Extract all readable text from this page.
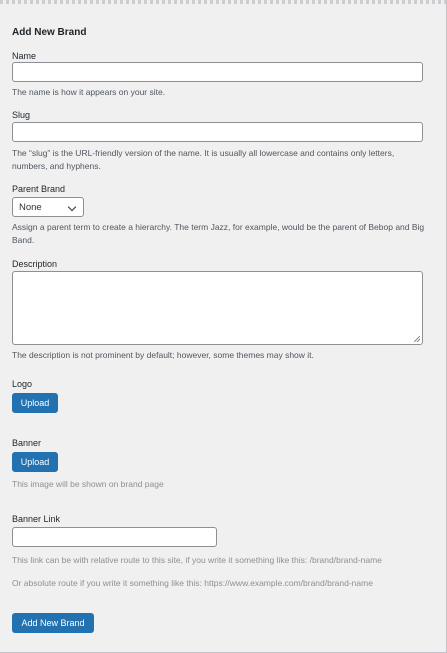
Add New Brand
Name
The name is how it appears on your site.
Slug
The “slug” is the URL-friendly version of the name. It is usually all lowercase and contains only letters, numbers, and hyphens.
Parent Brand
None
Assign a parent term to create a hierarchy. The term Jazz, for example, would be the parent of Bebop and Big Band.
Description
The description is not prominent by default; however, some themes may show it.
Logo
Upload
Banner
Upload
This image will be shown on brand page
Banner Link
This link can be with relative route to this site, if you write it something like this: /brand/brand-name
Or absolute route if you write it something like this: https://www.example.com/brand/brand-name
Add New Brand
